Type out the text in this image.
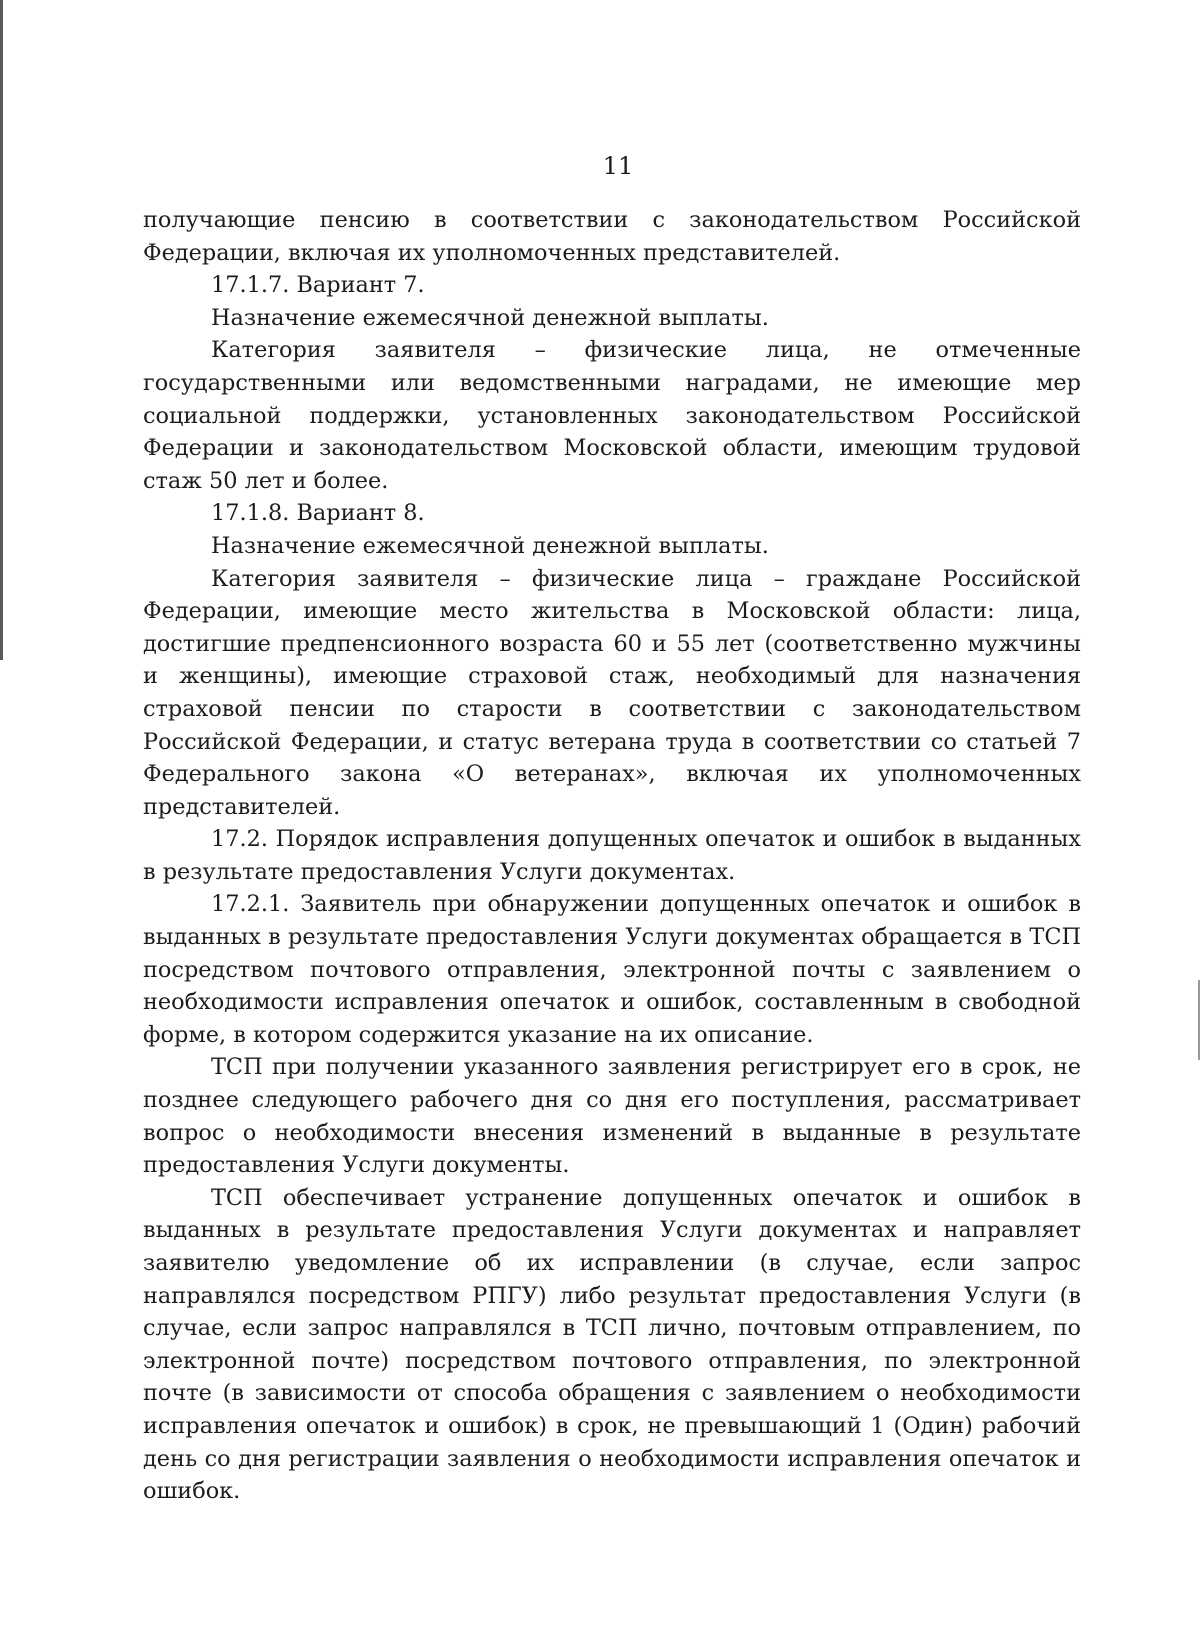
11

получающие пенсию в соответствии с законодательством Российской Федерации, включая их уполномоченных представителей.

17.1.7. Вариант 7.

Назначение ежемесячной денежной выплаты.

Категория заявителя – физические лица, не отмеченные государственными или ведомственными наградами, не имеющие мер социальной поддержки, установленных законодательством Российской Федерации и законодательством Московской области, имеющим трудовой стаж 50 лет и более.

17.1.8. Вариант 8.

Назначение ежемесячной денежной выплаты.

Категория заявителя – физические лица – граждане Российской Федерации, имеющие место жительства в Московской области: лица, достигшие предпенсионного возраста 60 и 55 лет (соответственно мужчины и женщины), имеющие страховой стаж, необходимый для назначения страховой пенсии по старости в соответствии с законодательством Российской Федерации, и статус ветерана труда в соответствии со статьей 7 Федерального закона «О ветеранах», включая их уполномоченных представителей.

17.2. Порядок исправления допущенных опечаток и ошибок в выданных в результате предоставления Услуги документах.

17.2.1. Заявитель при обнаружении допущенных опечаток и ошибок в выданных в результате предоставления Услуги документах обращается в ТСП посредством почтового отправления, электронной почты с заявлением о необходимости исправления опечаток и ошибок, составленным в свободной форме, в котором содержится указание на их описание.

ТСП при получении указанного заявления регистрирует его в срок, не позднее следующего рабочего дня со дня его поступления, рассматривает вопрос о необходимости внесения изменений в выданные в результате предоставления Услуги документы.

ТСП обеспечивает устранение допущенных опечаток и ошибок в выданных в результате предоставления Услуги документах и направляет заявителю уведомление об их исправлении (в случае, если запрос направлялся посредством РПГУ) либо результат предоставления Услуги (в случае, если запрос направлялся в ТСП лично, почтовым отправлением, по электронной почте) посредством почтового отправления, по электронной почте (в зависимости от способа обращения с заявлением о необходимости исправления опечаток и ошибок) в срок, не превышающий 1 (Один) рабочий день со дня регистрации заявления о необходимости исправления опечаток и ошибок.
